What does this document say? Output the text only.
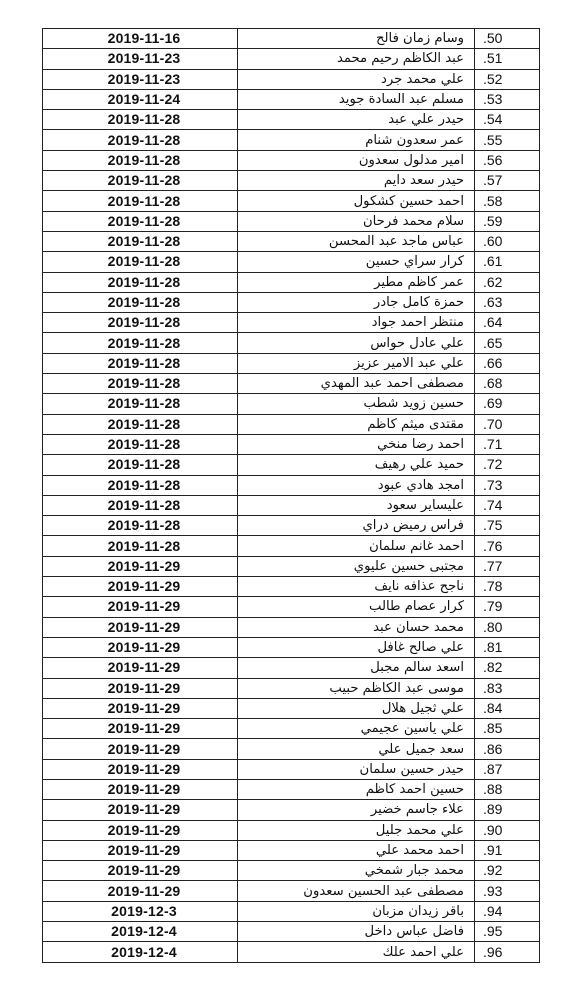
2019-11-16	وسام زمان فالح	.50
2019-11-23	عبد الكاظم رحيم محمد	.51
2019-11-23	علي محمد جرد	.52
2019-11-24	مسلم عبد السادة جويد	.53
2019-11-28	حيدر علي عبد	.54
2019-11-28	عمر سعدون شنام	.55
2019-11-28	امير مدلول سعدون	.56
2019-11-28	حيدر سعد دايم	.57
2019-11-28	احمد حسين كشكول	.58
2019-11-28	سلام محمد فرحان	.59
2019-11-28	عباس ماجد عبد المحسن	.60
2019-11-28	كرار سراي حسين	.61
2019-11-28	عمر كاظم مطير	.62
2019-11-28	حمزة كامل جادر	.63
2019-11-28	منتظر احمد جواد	.64
2019-11-28	علي عادل حواس	.65
2019-11-28	علي عبد الامير عزيز	.66
2019-11-28	مصطفى احمد عبد المهدي	.68
2019-11-28	حسين زويد شطب	.69
2019-11-28	مقتدى ميثم كاظم	.70
2019-11-28	احمد رضا منخي	.71
2019-11-28	حميد علي رهيف	.72
2019-11-28	امجد هادي عبود	.73
2019-11-28	عليساير سعود	.74
2019-11-28	فراس رميض دراي	.75
2019-11-28	احمد غانم سلمان	.76
2019-11-29	مجتبى حسين عليوي	.77
2019-11-29	ناجح عذافه نايف	.78
2019-11-29	كرار عصام طالب	.79
2019-11-29	محمد حسان عبد	.80
2019-11-29	علي صالح غافل	.81
2019-11-29	اسعد سالم مجبل	.82
2019-11-29	موسى عبد الكاظم حبيب	.83
2019-11-29	علي ثجيل هلال	.84
2019-11-29	علي ياسين عجيمي	.85
2019-11-29	سعد جميل علي	.86
2019-11-29	حيدر حسين سلمان	.87
2019-11-29	حسين احمد كاظم	.88
2019-11-29	علاء جاسم خضير	.89
2019-11-29	علي محمد جليل	.90
2019-11-29	احمد محمد علي	.91
2019-11-29	محمد جبار شمخي	.92
2019-11-29	مصطفى عبد الحسين سعدون	.93
2019-12-3	باقر زيدان مزبان	.94
2019-12-4	فاضل عباس داخل	.95
2019-12-4	علي احمد علك	.96
